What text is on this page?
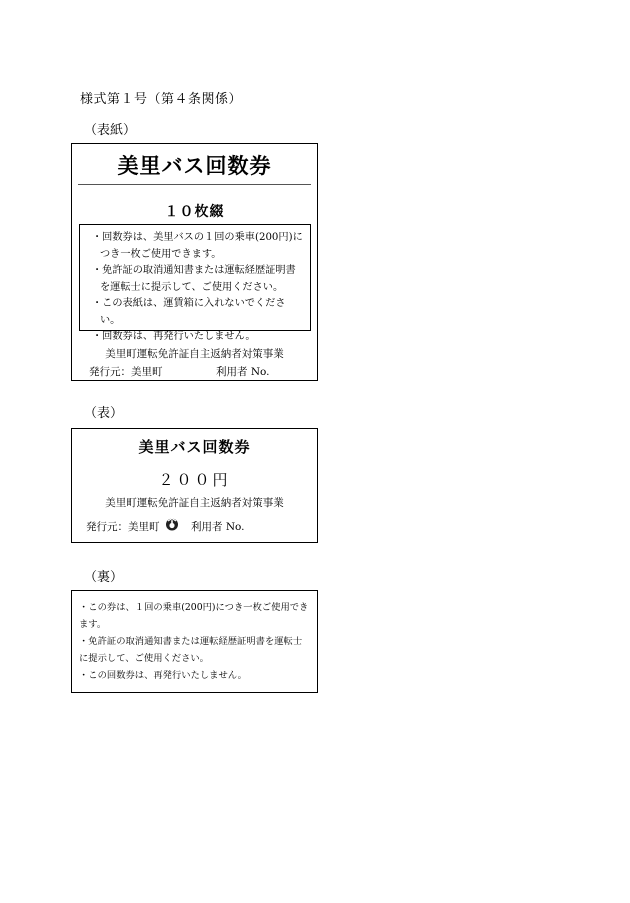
様式第１号（第４条関係）
（表紙）
美里バス回数券
１０枚綴
・回数券は、美里バスの１回の乗車(200円)につき一枚ご使用できます。
・免許証の取消通知書または運転経歴証明書を運転士に提示して、ご使用ください。
・この表紙は、運賃箱に入れないでください。
・回数券は、再発行いたしません。
美里町運転免許証自主返納者対策事業
発行元：美里町	利用者 No.
（表）
美里バス回数券
２００円
美里町運転免許証自主返納者対策事業
発行元：美里町	利用者 No.
（裏）

・この券は、１回の乗車(200円)につき一枚ご使用できます。

・免許証の取消通知書または運転経歴証明書を運転士に提示して、ご使用ください。

・この回数券は、再発行いたしません。
